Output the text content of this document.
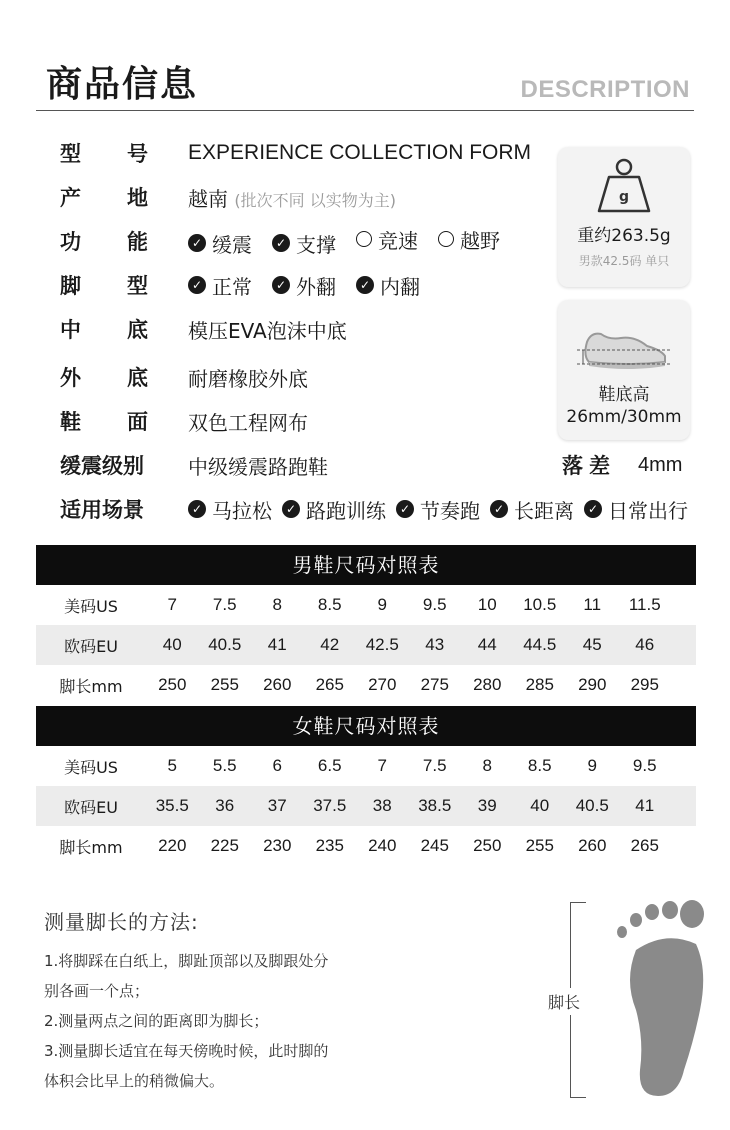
商品信息	DESCRIPTION
型 号 EXPERIENCE COLLECTION FORM
产 地 越南 (批次不同 以实物为主)
功 能	✓ 缓震	✓ 支撑 竞速 越野
脚 型	✓ 正常	✓ 外翻	✓ 内翻
中 底 模压EVA泡沫中底
外 底 耐磨橡胶外底
鞋 面 双色工程网布
缓震级别	中级缓震路跑鞋
适用场景	✓ 马拉松	✓ 路跑训练	✓ 节奏跑	✓ 长距离	✓ 日常出行
g
重约263.5g
男款42.5码 单只
鞋底高
26mm/30mm
落差 4mm
男鞋尺码对照表
美码US	7	7.5	8	8.5	9	9.5	10	10.5	11	11.5
欧码EU	40	40.5	41	42	42.5	43	44	44.5	45	46
脚长mm	250	255	260	265	270	275	280	285	290	295
女鞋尺码对照表
美码US	5	5.5	6	6.5	7	7.5	8	8.5	9	9.5
欧码EU	35.5	36	37	37.5	38	38.5	39	40	40.5	41
脚长mm	220	225	230	235	240	245	250	255	260	265
测量脚长的方法:
1.将脚踩在白纸上，脚趾顶部以及脚跟处分
别各画一个点；
2.测量两点之间的距离即为脚长；
3.测量脚长适宜在每天傍晚时候，此时脚的
体积会比早上的稍微偏大。
脚长
